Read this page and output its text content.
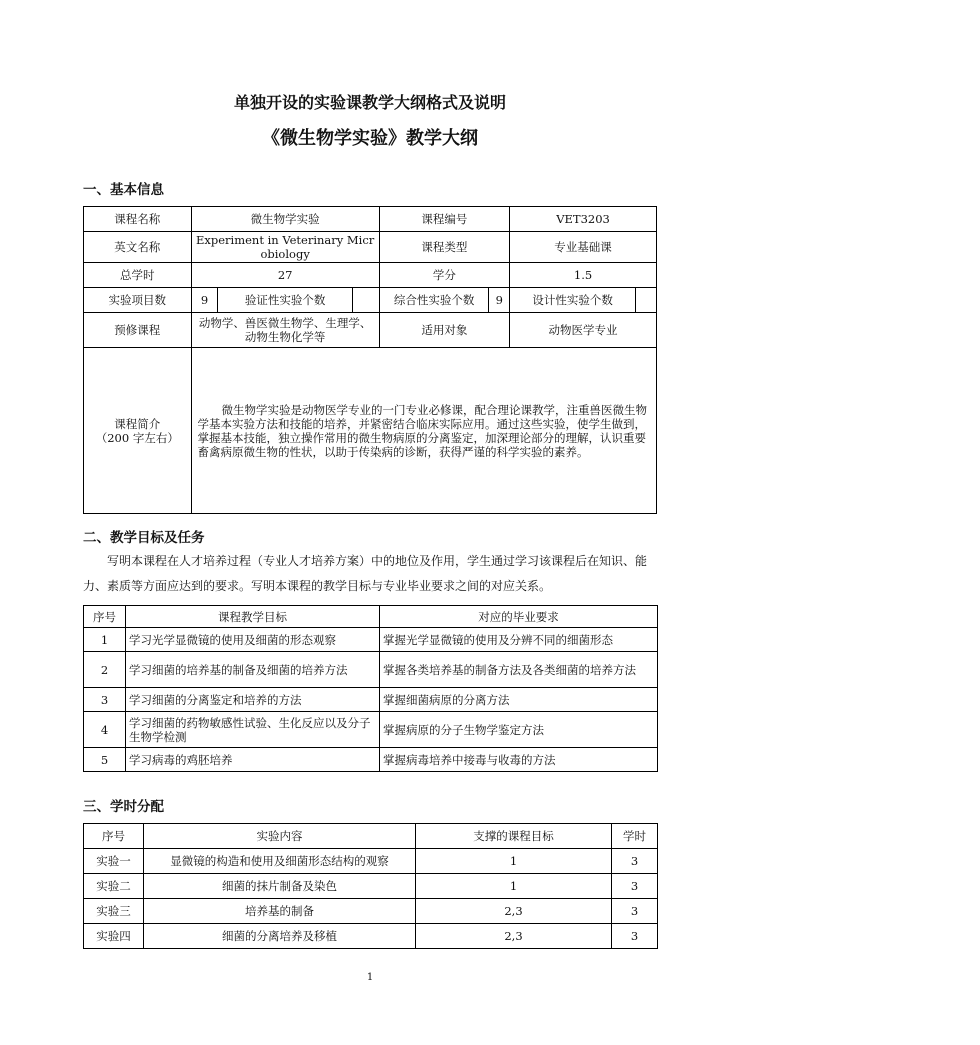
单独开设的实验课教学大纲格式及说明
《微生物学实验》教学大纲
一、基本信息
课程名称	微生物学实验			课程编号		VET3203	
英文名称	Experiment in Veterinary Microbiology			课程类型		专业基础课	
总学时	27			学分		1.5	
实验项目数	9	验证性实验个数		综合性实验个数	9	设计性实验个数	
预修课程	动物学、兽医微生物学、生理学、动物生物化学等			适用对象		动物医学专业	

课程简介
（200 字左右）	微生物学实验是动物医学专业的一门专业必修课，配合理论课教学，注重兽医微生物学基本实验方法和技能的培养，并紧密结合临床实际应用。通过这些实验，使学生做到，掌握基本技能，独立操作常用的微生物病原的分离鉴定，加深理论部分的理解，认识重要畜禽病原微生物的性状，以助于传染病的诊断，获得严谨的科学实验的素养。						
二、教学目标及任务
写明本课程在人才培养过程（专业人才培养方案）中的地位及作用，学生通过学习该课程后在知识、能力、素质等方面应达到的要求。写明本课程的教学目标与专业毕业要求之间的对应关系。
序号	课程教学目标	对应的毕业要求
1	学习光学显微镜的使用及细菌的形态观察	掌握光学显微镜的使用及分辨不同的细菌形态
2	学习细菌的培养基的制备及细菌的培养方法	掌握各类培养基的制备方法及各类细菌的培养方法
3	学习细菌的分离鉴定和培养的方法	掌握细菌病原的分离方法
4	学习细菌的药物敏感性试验、生化反应以及分子生物学检测	掌握病原的分子生物学鉴定方法
5	学习病毒的鸡胚培养	掌握病毒培养中接毒与收毒的方法
三、学时分配
序号	实验内容	支撑的课程目标	学时
实验一	显微镜的构造和使用及细菌形态结构的观察	1	3
实验二	细菌的抹片制备及染色	1	3
实验三	培养基的制备	2,3	3
实验四	细菌的分离培养及移植	2,3	3
1
